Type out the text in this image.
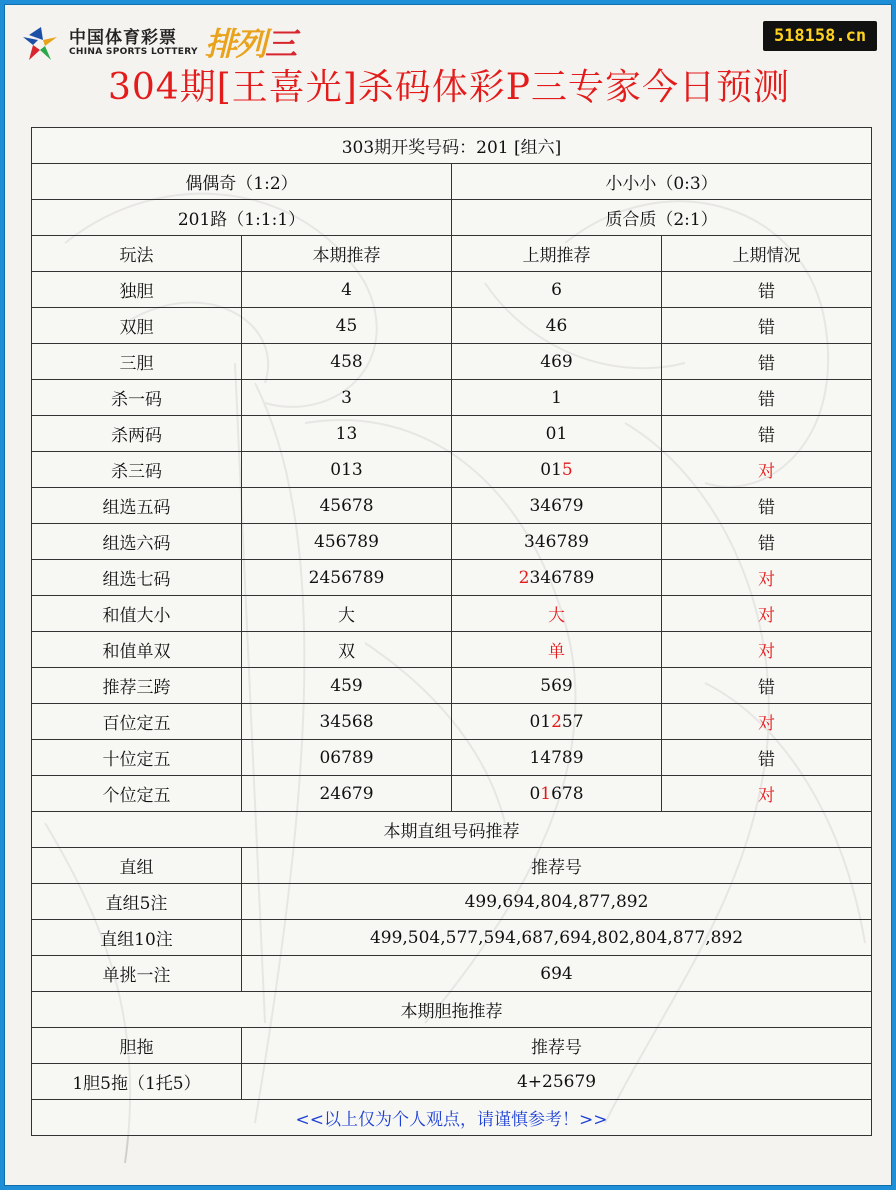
中国体育彩票
CHINA SPORTS LOTTERY 排列三	518158.cn
304期[王喜光]杀码体彩P三专家今日预测
303期开奖号码：201 [组六]			
偶偶奇（1:2）		小小小（0:3）	
201路（1:1:1）		质合质（2:1）	
玩法	本期推荐	上期推荐	上期情况
独胆	4	6	错
双胆	45	46	错
三胆	458	469	错
杀一码	3	1	错
杀两码	13	01	错
杀三码	013	015	对
组选五码	45678	34679	错
组选六码	456789	346789	错
组选七码	2456789	2346789	对
和值大小	大	大	对
和值单双	双	单	对
推荐三跨	459	569	错
百位定五	34568	01257	对
十位定五	06789	14789	错
个位定五	24679	01678	对
本期直组号码推荐			
直组	推荐号		
直组5注	499,694,804,877,892		
直组10注	499,504,577,594,687,694,802,804,877,892		
单挑一注	694		
本期胆拖推荐			
胆拖	推荐号		
1胆5拖（1托5）	4+25679		
<<以上仅为个人观点，请谨慎参考！>>			
